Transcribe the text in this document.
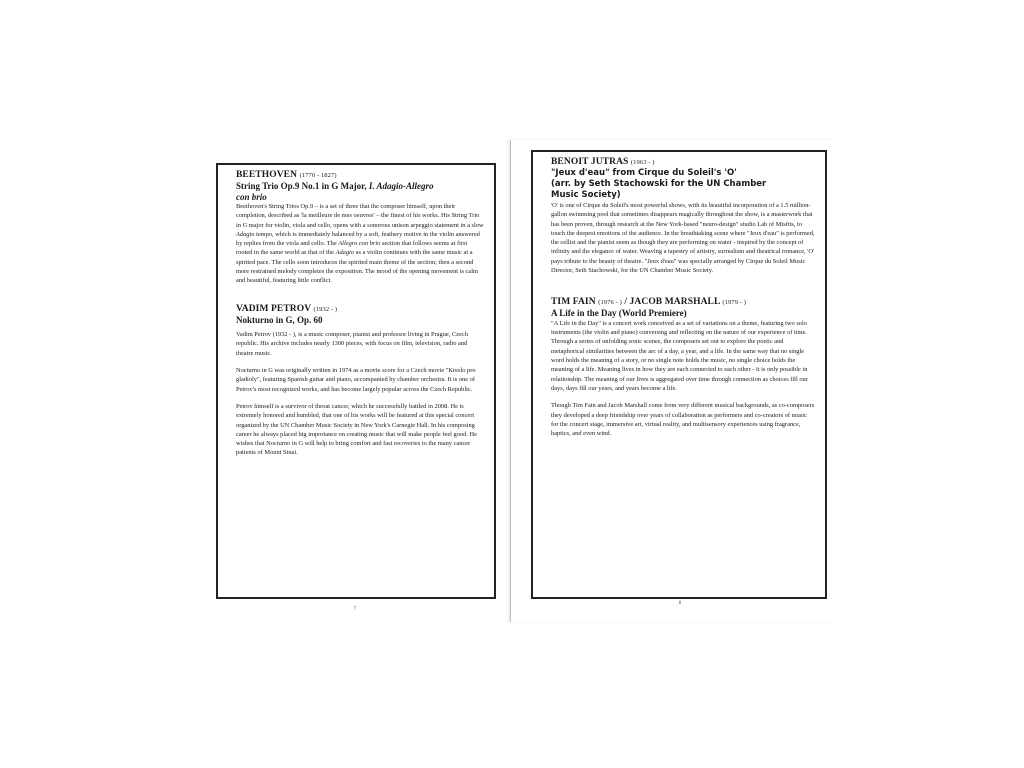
BEETHOVEN (1770 - 1827)

String Trio Op.9 No.1 in G Major, I. Adagio-Allegro
con brio

Beethoven's String Trios Op.9 – is a set of three that the composer himself, upon their completion, described as 'la meilleure de mes oeuvres' – the finest of his works. His String Trio in G major for violin, viola and cello, opens with a sonorous unison arpeggio statement in a slow Adagio tempo, which is immediately balanced by a soft, feathery motive in the violin answered by replies from the viola and cello. The Allegro con brio section that follows seems at first rooted in the same world as that of the Adagio as a violin continues with the same music at a spirited pace. The cello soon introduces the spirited main theme of the section; then a second more restrained melody completes the exposition. The mood of the opening movement is calm and beautiful, featuring little conflict.

VADIM PETROV (1932 - )

Nokturno in G, Op. 60

Vadim Petrov (1932 - ), is a music composer, pianist and professor living in Prague, Czech republic. His archive includes nearly 1300 pieces, with focus on film, television, radio and theatre music.

Nocturno in G was originally written in 1974 as a movie score for a Czech movie "Kreslo pro gladioly", featuring Spanish guitar and piano, accompanied by chamber orchestra. It is one of Petrov's most recognized works, and has become largely popular across the Czech Republic.

Petrov himself is a survivor of throat cancer, which he successfully battled in 2008. He is extremely honored and humbled, that one of his works will be featured at this special concert organized by the UN Chamber Music Society in New York's Carnegie Hall. In his composing career he always placed big importance on creating music that will make people feel good. He wishes that Nocturno in G will help to bring comfort and fast recoveries to the many cancer patients of Mount Sinai.

7

BENOIT JUTRAS (1963 - )

"Jeux d'eau" from Cirque du Soleil's 'O'
(arr. by Seth Stachowski for the UN Chamber
Music Society)

'O' is one of Cirque du Soleil's most powerful shows, with its beautiful incorporation of a 1.5 million-gallon swimming pool that sometimes disappears magically throughout the show, is a masterwork that has been proven, through research at the New York-based "neuro-design" studio Lab of Misfits, to touch the deepest emotions of the audience. In the breathtaking scene where "Jeux d'eau" is performed, the cellist and the pianist seem as though they are performing on water - inspired by the concept of infinity and the elegance of water. Weaving a tapestry of artistry, surrealism and theatrical romance, 'O' pays tribute to the beauty of theatre. "Jeux d'eau" was specially arranged by Cirque du Soleil Music Director, Seth Stachowski, for the UN Chamber Music Society.

TIM FAIN (1976 - ) / JACOB MARSHALL (1979 - )

A Life in the Day (World Premiere)

"A Life in the Day" is a concert work conceived as a set of variations on a theme, featuring two solo instruments (the violin and piano) conversing and reflecting on the nature of our experience of time. Through a series of unfolding sonic scenes, the composers set out to explore the poetic and metaphorical similarities between the arc of a day, a year, and a life. In the same way that no single word holds the meaning of a story, or no single note holds the music, no single choice holds the meaning of a life. Meaning lives in how they are each connected to each other - it is only possible in relationship. The meaning of our lives is aggregated over time through connection as choices fill our days, days fill our years, and years become a life.

Though Tim Fain and Jacob Marshall come from very different musical backgrounds, as co-composers they developed a deep friendship over years of collaboration as performers and co-creators of music for the concert stage, immersive art, virtual reality, and multisensory experiences using fragrance, haptics, and even wind.

8
